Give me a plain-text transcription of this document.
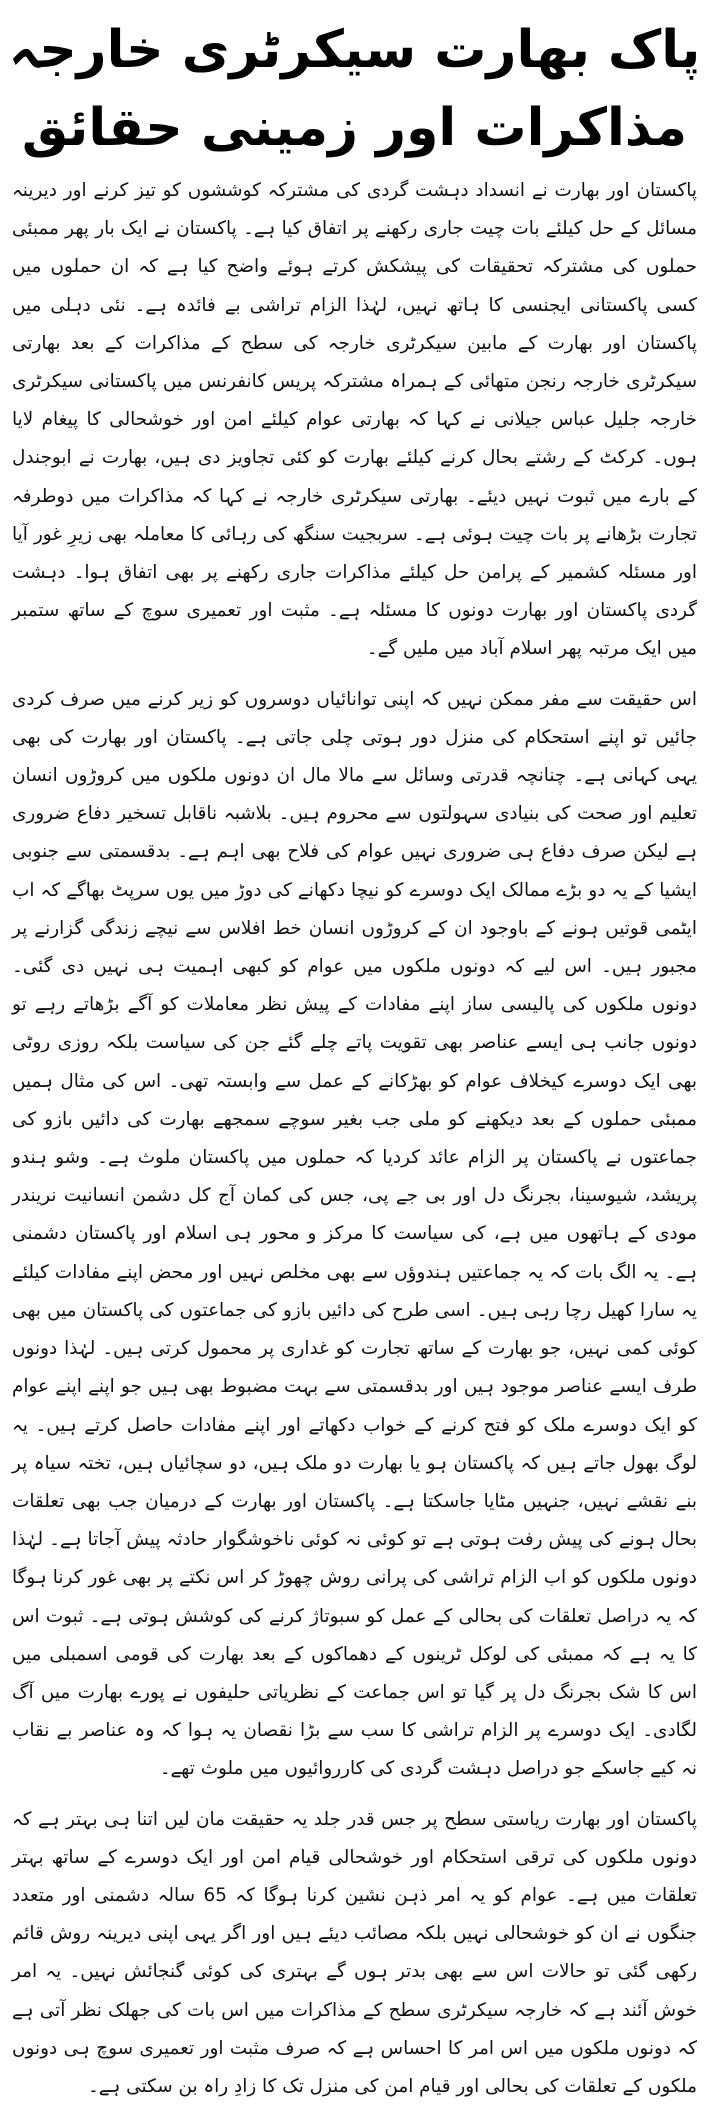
پاک بھارت سیکرٹری خارجہ
مذاکرات اور زمینی حقائق

پاکستان اور بھارت نے انسداد دہشت گردی کی مشترکہ کوششوں کو تیز کرنے اور دیرینہ مسائل کے حل کیلئے بات چیت جاری رکھنے پر اتفاق کیا ہے۔ پاکستان نے ایک بار پھر ممبئی حملوں کی مشترکہ تحقیقات کی پیشکش کرتے ہوئے واضح کیا ہے کہ ان حملوں میں کسی پاکستانی ایجنسی کا ہاتھ نہیں، لہٰذا الزام تراشی بے فائدہ ہے۔ نئی دہلی میں پاکستان اور بھارت کے مابین سیکرٹری خارجہ کی سطح کے مذاکرات کے بعد بھارتی سیکرٹری خارجہ رنجن متھائی کے ہمراہ مشترکہ پریس کانفرنس میں پاکستانی سیکرٹری خارجہ جلیل عباس جیلانی نے کہا کہ بھارتی عوام کیلئے امن اور خوشحالی کا پیغام لایا ہوں۔ کرکٹ کے رشتے بحال کرنے کیلئے بھارت کو کئی تجاویز دی ہیں، بھارت نے ابوجندل کے بارے میں ثبوت نہیں دیئے۔ بھارتی سیکرٹری خارجہ نے کہا کہ مذاکرات میں دوطرفہ تجارت بڑھانے پر بات چیت ہوئی ہے۔ سربجیت سنگھ کی رہائی کا معاملہ بھی زیرِ غور آیا اور مسئلہ کشمیر کے پرامن حل کیلئے مذاکرات جاری رکھنے پر بھی اتفاق ہوا۔ دہشت گردی پاکستان اور بھارت دونوں کا مسئلہ ہے۔ مثبت اور تعمیری سوچ کے ساتھ ستمبر میں ایک مرتبہ پھر اسلام آباد میں ملیں گے۔

اس حقیقت سے مفر ممکن نہیں کہ اپنی توانائیاں دوسروں کو زیر کرنے میں صرف کردی جائیں تو اپنے استحکام کی منزل دور ہوتی چلی جاتی ہے۔ پاکستان اور بھارت کی بھی یہی کہانی ہے۔ چنانچہ قدرتی وسائل سے مالا مال ان دونوں ملکوں میں کروڑوں انسان تعلیم اور صحت کی بنیادی سہولتوں سے محروم ہیں۔ بلاشبہ ناقابل تسخیر دفاع ضروری ہے لیکن صرف دفاع ہی ضروری نہیں عوام کی فلاح بھی اہم ہے۔ بدقسمتی سے جنوبی ایشیا کے یہ دو بڑے ممالک ایک دوسرے کو نیچا دکھانے کی دوڑ میں یوں سرپٹ بھاگے کہ اب ایٹمی قوتیں ہونے کے باوجود ان کے کروڑوں انسان خط افلاس سے نیچے زندگی گزارنے پر مجبور ہیں۔ اس لیے کہ دونوں ملکوں میں عوام کو کبھی اہمیت ہی نہیں دی گئی۔ دونوں ملکوں کی پالیسی ساز اپنے مفادات کے پیش نظر معاملات کو آگے بڑھاتے رہے تو دونوں جانب ہی ایسے عناصر بھی تقویت پاتے چلے گئے جن کی سیاست بلکہ روزی روٹی بھی ایک دوسرے کیخلاف عوام کو بھڑکانے کے عمل سے وابستہ تھی۔ اس کی مثال ہمیں ممبئی حملوں کے بعد دیکھنے کو ملی جب بغیر سوچے سمجھے بھارت کی دائیں بازو کی جماعتوں نے پاکستان پر الزام عائد کردیا کہ حملوں میں پاکستان ملوث ہے۔ وشو ہندو پریشد، شیوسینا، بجرنگ دل اور بی جے پی، جس کی کمان آج کل دشمن انسانیت نریندر مودی کے ہاتھوں میں ہے، کی سیاست کا مرکز و محور ہی اسلام اور پاکستان دشمنی ہے۔ یہ الگ بات کہ یہ جماعتیں ہندوؤں سے بھی مخلص نہیں اور محض اپنے مفادات کیلئے یہ سارا کھیل رچا رہی ہیں۔ اسی طرح کی دائیں بازو کی جماعتوں کی پاکستان میں بھی کوئی کمی نہیں، جو بھارت کے ساتھ تجارت کو غداری پر محمول کرتی ہیں۔ لہٰذا دونوں طرف ایسے عناصر موجود ہیں اور بدقسمتی سے بہت مضبوط بھی ہیں جو اپنے اپنے عوام کو ایک دوسرے ملک کو فتح کرنے کے خواب دکھاتے اور اپنے مفادات حاصل کرتے ہیں۔ یہ لوگ بھول جاتے ہیں کہ پاکستان ہو یا بھارت دو ملک ہیں، دو سچائیاں ہیں، تختہ سیاہ پر بنے نقشے نہیں، جنہیں مٹایا جاسکتا ہے۔ پاکستان اور بھارت کے درمیان جب بھی تعلقات بحال ہونے کی پیش رفت ہوتی ہے تو کوئی نہ کوئی ناخوشگوار حادثہ پیش آجاتا ہے۔ لہٰذا دونوں ملکوں کو اب الزام تراشی کی پرانی روش چھوڑ کر اس نکتے پر بھی غور کرنا ہوگا کہ یہ دراصل تعلقات کی بحالی کے عمل کو سبوتاژ کرنے کی کوشش ہوتی ہے۔ ثبوت اس کا یہ ہے کہ ممبئی کی لوکل ٹرینوں کے دھماکوں کے بعد بھارت کی قومی اسمبلی میں اس کا شک بجرنگ دل پر گیا تو اس جماعت کے نظریاتی حلیفوں نے پورے بھارت میں آگ لگادی۔ ایک دوسرے پر الزام تراشی کا سب سے بڑا نقصان یہ ہوا کہ وہ عناصر بے نقاب نہ کیے جاسکے جو دراصل دہشت گردی کی کارروائیوں میں ملوث تھے۔

پاکستان اور بھارت ریاستی سطح پر جس قدر جلد یہ حقیقت مان لیں اتنا ہی بہتر ہے کہ دونوں ملکوں کی ترقی استحکام اور خوشحالی قیام امن اور ایک دوسرے کے ساتھ بہتر تعلقات میں ہے۔ عوام کو یہ امر ذہن نشین کرنا ہوگا کہ 65 سالہ دشمنی اور متعدد جنگوں نے ان کو خوشحالی نہیں بلکہ مصائب دیئے ہیں اور اگر یہی اپنی دیرینہ روش قائم رکھی گئی تو حالات اس سے بھی بدتر ہوں گے بہتری کی کوئی گنجائش نہیں۔ یہ امر خوش آئند ہے کہ خارجہ سیکرٹری سطح کے مذاکرات میں اس بات کی جھلک نظر آتی ہے کہ دونوں ملکوں میں اس امر کا احساس ہے کہ صرف مثبت اور تعمیری سوچ ہی دونوں ملکوں کے تعلقات کی بحالی اور قیام امن کی منزل تک کا زادِ راہ بن سکتی ہے۔
